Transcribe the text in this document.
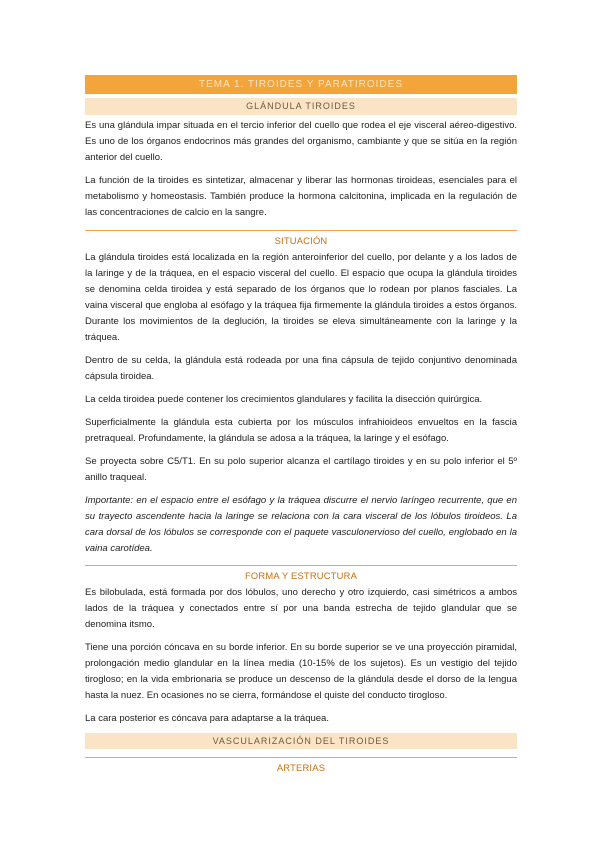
TEMA 1. TIROIDES Y PARATIROIDES
GLÁNDULA TIROIDES

Es una glándula impar situada en el tercio inferior del cuello que rodea el eje visceral aéreo-digestivo. Es uno de los órganos endocrinos más grandes del organismo, cambiante y que se sitúa en la región anterior del cuello.

La función de la tiroides es sintetizar, almacenar y liberar las hormonas tiroideas, esenciales para el metabolismo y homeostasis. También produce la hormona calcitonina, implicada en la regulación de las concentraciones de calcio en la sangre.

SITUACIÓN

La glándula tiroides está localizada en la región anteroinferior del cuello, por delante y a los lados de la laringe y de la tráquea, en el espacio visceral del cuello. El espacio que ocupa la glándula tiroides se denomina celda tiroidea y está separado de los órganos que lo rodean por planos fasciales. La vaina visceral que engloba al esófago y la tráquea fija firmemente la glándula tiroides a estos órganos. Durante los movimientos de la deglución, la tiroides se eleva simultáneamente con la laringe y la tráquea.

Dentro de su celda, la glándula está rodeada por una fina cápsula de tejido conjuntivo denominada cápsula tiroidea.

La celda tiroidea puede contener los crecimientos glandulares y facilita la disección quirúrgica.

Superficialmente la glándula esta cubierta por los músculos infrahioideos envueltos en la fascia pretraqueal. Profundamente, la glándula se adosa a la tráquea, la laringe y el esófago.

Se proyecta sobre C5/T1. En su polo superior alcanza el cartílago tiroides y en su polo inferior el 5º anillo traqueal.

Importante: en el espacio entre el esófago y la tráquea discurre el nervio laríngeo recurrente, que en su trayecto ascendente hacia la laringe se relaciona con la cara visceral de los lóbulos tiroideos. La cara dorsal de los lóbulos se corresponde con el paquete vasculonervioso del cuello, englobado en la vaina carotídea.

FORMA Y ESTRUCTURA

Es bilobulada, está formada por dos lóbulos, uno derecho y otro izquierdo, casi simétricos a ambos lados de la tráquea y conectados entre sí por una banda estrecha de tejido glandular que se denomina itsmo.

Tiene una porción cóncava en su borde inferior. En su borde superior se ve una proyección piramidal, prolongación medio glandular en la línea media (10-15% de los sujetos). Es un vestigio del tejido tirogloso; en la vida embrionaria se produce un descenso de la glándula desde el dorso de la lengua hasta la nuez. En ocasiones no se cierra, formándose el quiste del conducto tirogloso.

La cara posterior es cóncava para adaptarse a la tráquea.

VASCULARIZACIÓN DEL TIROIDES
ARTERIAS
